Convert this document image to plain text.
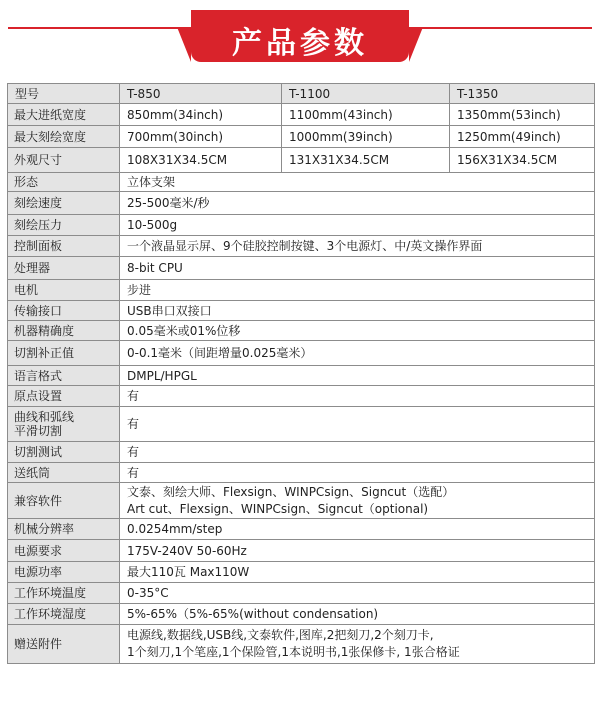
产品参数
型号	T-850	T-1100	T-1350
最大进纸宽度	850mm(34inch)	1100mm(43inch)	1350mm(53inch)
最大刻绘宽度	700mm(30inch)	1000mm(39inch)	1250mm(49inch)
外观尺寸	108X31X34.5CM	131X31X34.5CM	156X31X34.5CM
形态	立体支架		
刻绘速度	25-500毫米/秒		
刻绘压力	10-500g		
控制面板	一个液晶显示屏、9个硅胶控制按键、3个电源灯、中/英文操作界面		
处理器	8-bit CPU		
电机	步进		
传输接口	USB串口双接口		
机器精确度	0.05毫米或01%位移		
切割补正值	0-0.1毫米（间距增量0.025毫米）		
语言格式	DMPL/HPGL		
原点设置	有		

曲线和弧线
平滑切割	有		
切割测试	有		
送纸筒	有		
兼容软件	文泰、刻绘大师、Flexsign、WINPCsign、Signcut（选配）
Art cut、Flexsign、WINPCsign、Signcut（optional)		

机械分辨率	0.0254mm/step		
电源要求	175V-240V 50-60Hz		
电源功率	最大110瓦 Max110W		
工作环境温度	0-35°C		
工作环境湿度	5%-65%（5%-65%(without condensation)		
赠送附件	电源线,数据线,USB线,文泰软件,图库,2把刻刀,2个刻刀卡,
1个刻刀,1个笔座,1个保险管,1本说明书,1张保修卡, 1张合格证		
